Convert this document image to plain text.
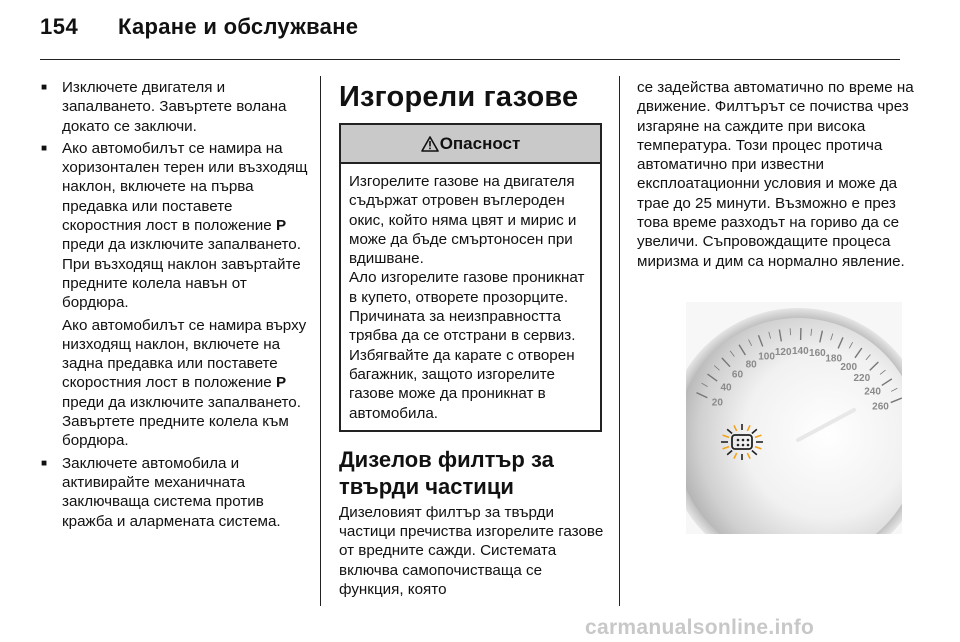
154 Каране и обслужване
■ Изключете двигателя и запалването. Завъртете волана докато се заключи.
■ Ако автомобилът се намира на хоризонтален терен или възходящ наклон, включете на първа предавка или поставете скоростния лост в положение P преди да изключите запалването. При възходящ наклон завъртайте предните колела навън от бордюра.
Ако автомобилът се намира върху низходящ наклон, включете на задна предавка или поставете скоростния лост в положение P преди да изключите запалването. Завъртете предните колела към бордюра.
■ Заключете автомобила и активирайте механичната заключваща система против кражба и алармената система.
Изгорели газове
Опасност

Изгорелите газове на двигателя съдържат отровен въглероден окис, който няма цвят и мирис и може да бъде смъртоносен при вдишване.

Ало изгорелите газове проникнат в купето, отворете прозорците. Причината за неизправността трябва да се отстрани в сервиз.

Избягвайте да карате с отворен багажник, защото изгорелите газове може да проникнат в автомобила.

Дизелов филтър за твърди частици

Дизеловият филтър за твърди частици пречиства изгорелите газове от вредните сажди. Системата включва самопочистваща се функция, която

се задейства автоматично по време на движение. Филтърът се почиства чрез изгаряне на саждите при висока температура. Този процес протича автоматично при известни експлоатационни условия и може да трае до 25 минути. Възможно е през това време разходът на гориво да се увеличи. Съпровождащите процеса миризма и дим са нормално явление.

20
40
60
80
100 120 140 160 180
200
220
240
260
carmanualsonline.info
